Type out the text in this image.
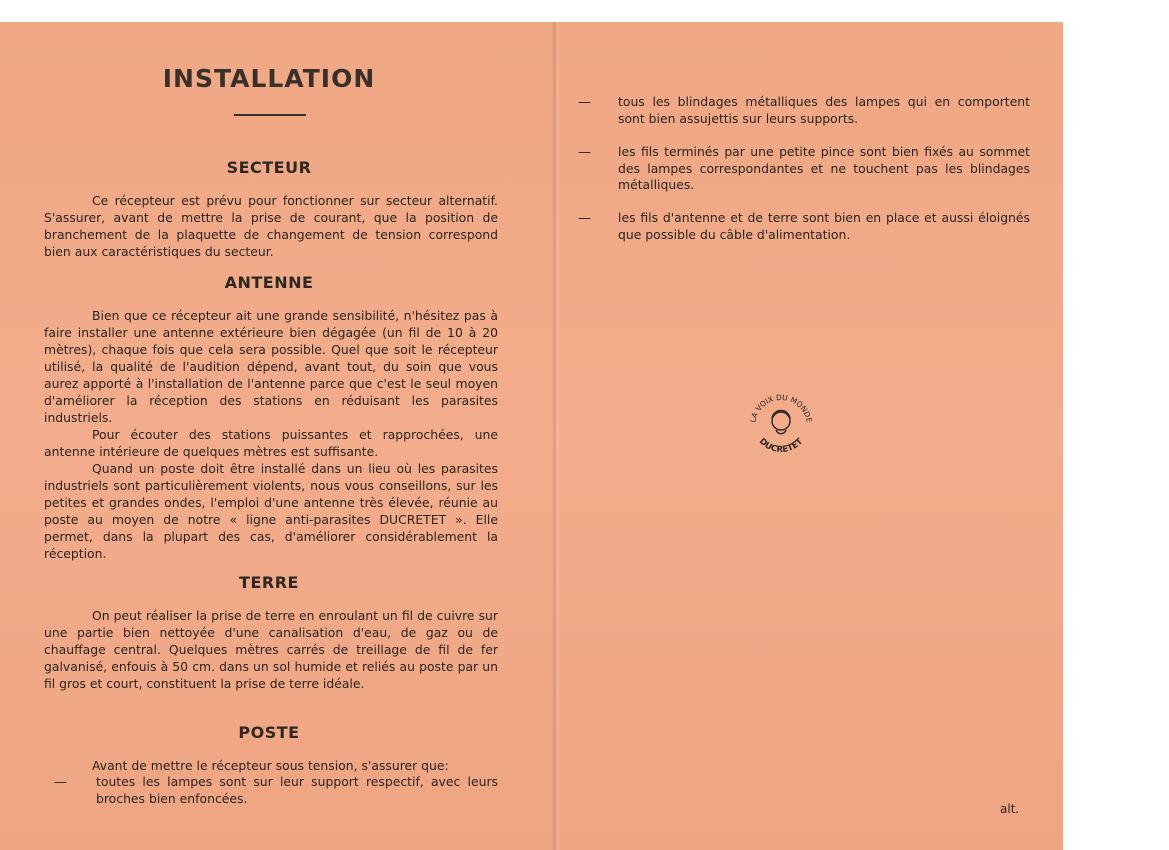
INSTALLATION
SECTEUR

Ce récepteur est prévu pour fonctionner sur secteur alternatif. S'assurer, avant de mettre la prise de courant, que la position de branchement de la plaquette de changement de tension correspond bien aux caractéristiques du secteur.

ANTENNE

Bien que ce récepteur ait une grande sensibilité, n'hésitez pas à faire installer une antenne extérieure bien dégagée (un fil de 10 à 20 mètres), chaque fois que cela sera possible. Quel que soit le récepteur utilisé, la qualité de l'audition dépend, avant tout, du soin que vous aurez apporté à l'installation de l'antenne parce que c'est le seul moyen d'améliorer la réception des stations en réduisant les parasites industriels.

Pour écouter des stations puissantes et rapprochées, une antenne intérieure de quelques mètres est suffisante.

Quand un poste doit être installé dans un lieu où les parasites industriels sont particulièrement violents, nous vous conseillons, sur les petites et grandes ondes, l'emploi d'une antenne très élevée, réunie au poste au moyen de notre « ligne anti-parasites DUCRETET ». Elle permet, dans la plupart des cas, d'améliorer considérablement la réception.

TERRE

On peut réaliser la prise de terre en enroulant un fil de cuivre sur une partie bien nettoyée d'une canalisation d'eau, de gaz ou de chauffage central. Quelques mètres carrés de treillage de fil de fer galvanisé, enfouis à 50 cm. dans un sol humide et reliés au poste par un fil gros et court, constituent la prise de terre idéale.

POSTE

Avant de mettre le récepteur sous tension, s'assurer que:

—	toutes les lampes sont sur leur support respectif, avec leurs broches bien enfoncées.
—	tous les blindages métalliques des lampes qui en comportent sont bien assujettis sur leurs supports.
—	les fils terminés par une petite pince sont bien fixés au sommet des lampes correspondantes et ne touchent pas les blindages métalliques.
—	les fils d'antenne et de terre sont bien en place et aussi éloignés que possible du câble d'alimentation.
LA VOIX DU MONDE
DUCRETET
alt.
